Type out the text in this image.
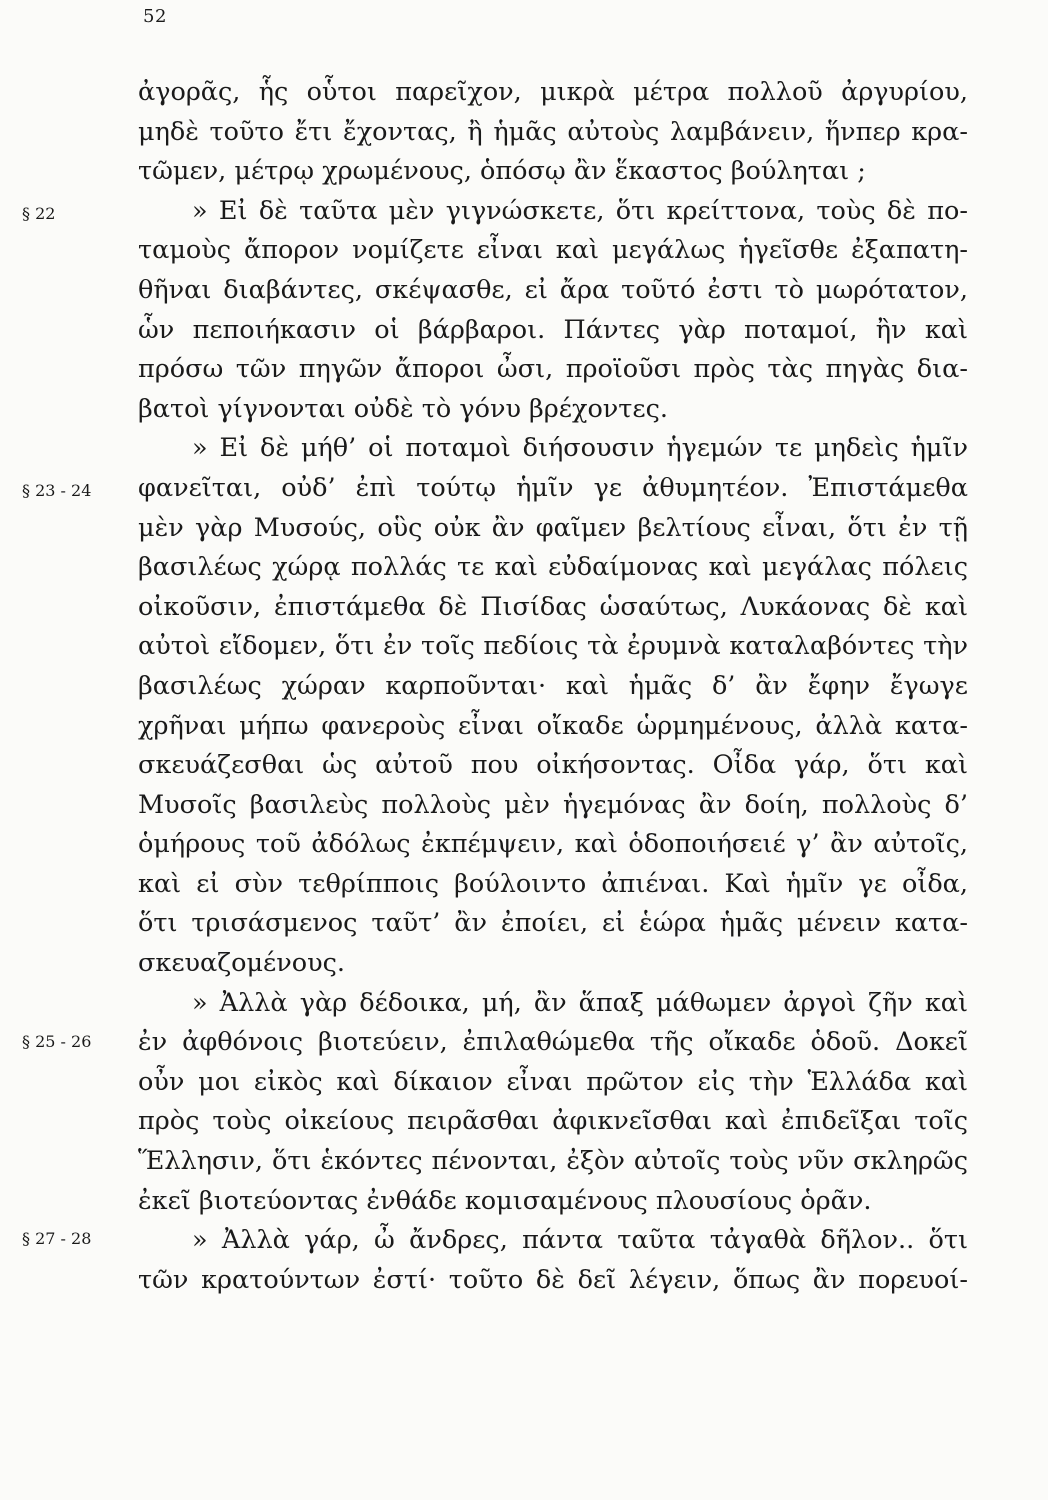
52
§ 22
§ 23 - 24
§ 25 - 26
§ 27 - 28
ἀγορᾶς, ἧς οὗτοι παρεῖχον, μικρὰ μέτρα πολλοῦ ἀργυρίου,
μηδὲ τοῦτο ἔτι ἔχοντας, ἢ ἡμᾶς αὐτοὺς λαμβάνειν, ἥνπερ κρα-
τῶμεν, μέτρῳ χρωμένους, ὁπόσῳ ἂν ἕκαστος βούληται ;
» Εἰ δὲ ταῦτα μὲν γιγνώσκετε, ὅτι κρείττονα, τοὺς δὲ πο-
ταμοὺς ἄπορον νομίζετε εἶναι καὶ μεγάλως ἡγεῖσθε ἐξαπατη-
θῆναι διαβάντες, σκέψασθε, εἰ ἄρα τοῦτό ἐστι τὸ μωρότατον,
ὧν πεποιήκασιν οἱ βάρβαροι. Πάντες γὰρ ποταμοί, ἢν καὶ
πρόσω τῶν πηγῶν ἄποροι ὦσι, προϊοῦσι πρὸς τὰς πηγὰς δια-
βατοὶ γίγνονται οὐδὲ τὸ γόνυ βρέχοντες.
» Εἰ δὲ μήθ’ οἱ ποταμοὶ διήσουσιν ἡγεμών τε μηδεὶς ἡμῖν
φανεῖται, οὐδ’ ἐπὶ τούτῳ ἡμῖν γε ἀθυμητέον. Ἐπιστάμεθα
μὲν γὰρ Μυσούς, οὓς οὐκ ἂν φαῖμεν βελτίους εἶναι, ὅτι ἐν τῇ
βασιλέως χώρᾳ πολλάς τε καὶ εὐδαίμονας καὶ μεγάλας πόλεις
οἰκοῦσιν, ἐπιστάμεθα δὲ Πισίδας ὡσαύτως, Λυκάονας δὲ καὶ
αὐτοὶ εἴδομεν, ὅτι ἐν τοῖς πεδίοις τὰ ἐρυμνὰ καταλαβόντες τὴν
βασιλέως χώραν καρποῦνται· καὶ ἡμᾶς δ’ ἂν ἔφην ἔγωγε
χρῆναι μήπω φανεροὺς εἶναι οἴκαδε ὡρμημένους, ἀλλὰ κατα-
σκευάζεσθαι ὡς αὐτοῦ που οἰκήσοντας. Οἶδα γάρ, ὅτι καὶ
Μυσοῖς βασιλεὺς πολλοὺς μὲν ἡγεμόνας ἂν δοίη, πολλοὺς δ’
ὁμήρους τοῦ ἀδόλως ἐκπέμψειν, καὶ ὁδοποιήσειέ γ’ ἂν αὐτοῖς,
καὶ εἰ σὺν τεθρίπποις βούλοιντο ἀπιέναι. Καὶ ἡμῖν γε οἶδα,
ὅτι τρισάσμενος ταῦτ’ ἂν ἐποίει, εἰ ἑώρα ἡμᾶς μένειν κατα-
σκευαζομένους.
» Ἀλλὰ γὰρ δέδοικα, μή, ἂν ἅπαξ μάθωμεν ἀργοὶ ζῆν καὶ
ἐν ἀφθόνοις βιοτεύειν, ἐπιλαθώμεθα τῆς οἴκαδε ὁδοῦ. Δοκεῖ
οὖν μοι εἰκὸς καὶ δίκαιον εἶναι πρῶτον εἰς τὴν Ἑλλάδα καὶ
πρὸς τοὺς οἰκείους πειρᾶσθαι ἀφικνεῖσθαι καὶ ἐπιδεῖξαι τοῖς
Ἕλλησιν, ὅτι ἑκόντες πένονται, ἐξὸν αὐτοῖς τοὺς νῦν σκληρῶς
ἐκεῖ βιοτεύοντας ἐνθάδε κομισαμένους πλουσίους ὁρᾶν.
» Ἀλλὰ γάρ, ὦ ἄνδρες, πάντα ταῦτα τἀγαθὰ δῆλον.. ὅτι
τῶν κρατούντων ἐστί· τοῦτο δὲ δεῖ λέγειν, ὅπως ἂν πορευοί-
